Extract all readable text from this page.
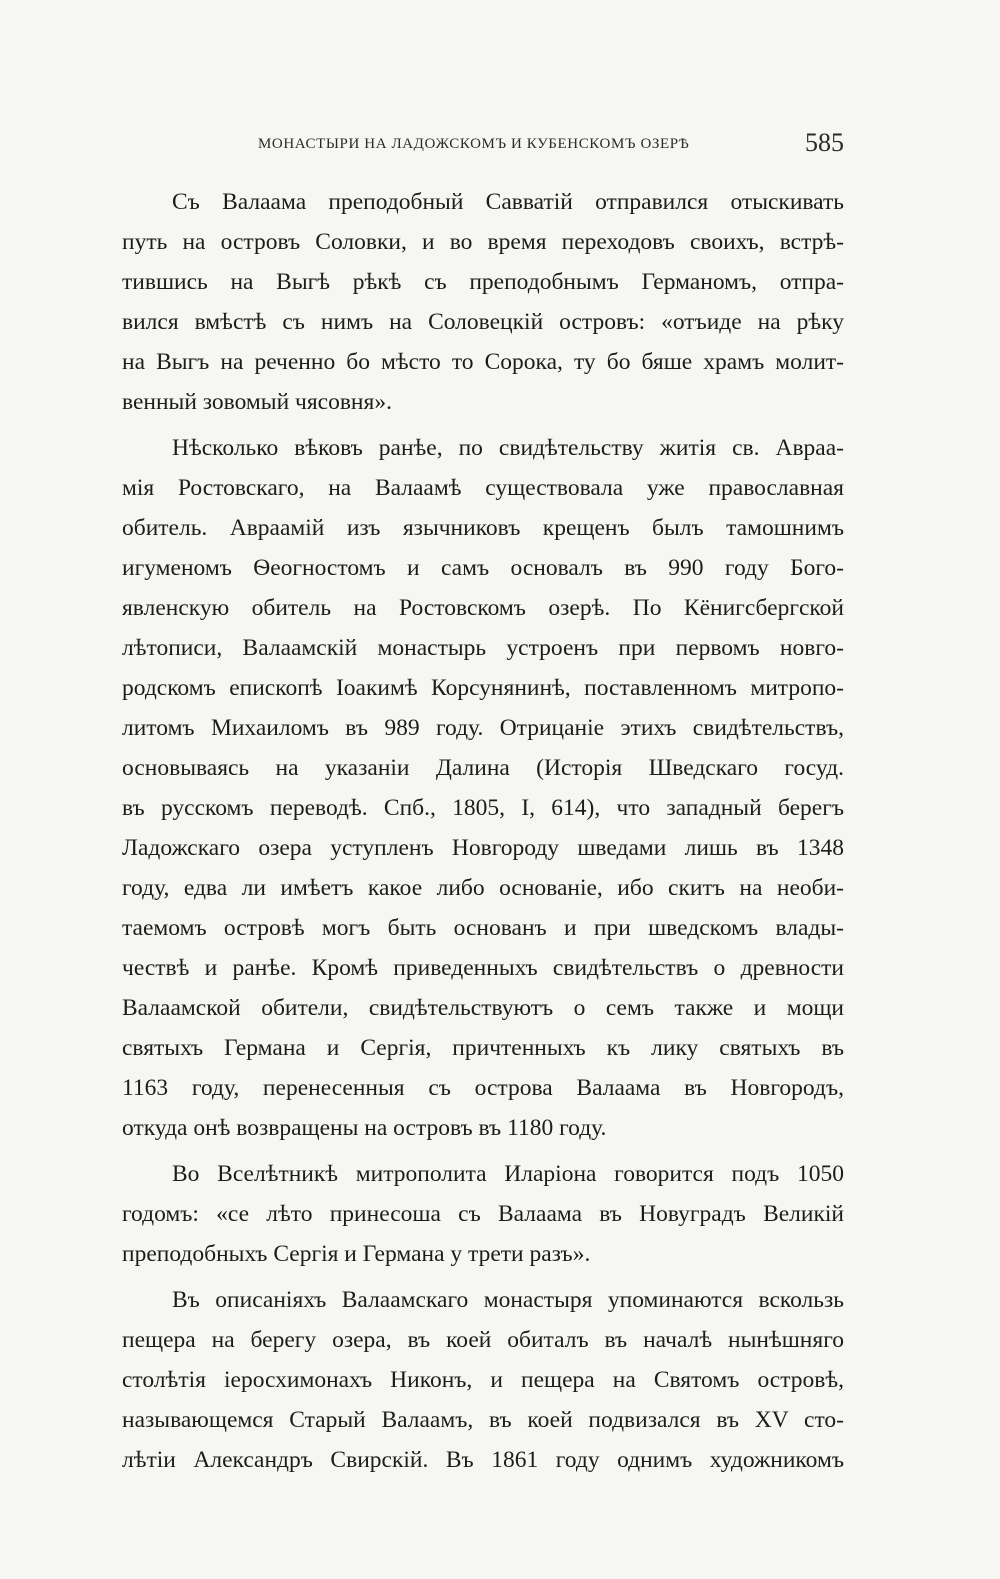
МОНАСТЫРИ НА ЛАДОЖСКОМЪ И КУБЕНСКОМЪ ОЗЕРѢ	585
Съ Валаама преподобный Савватій отправился отыскивать
путь на островъ Соловки, и во время переходовъ своихъ, встрѣ-
тившись на Выгѣ рѣкѣ съ преподобнымъ Германомъ, отпра-
вился вмѣстѣ съ нимъ на Соловецкій островъ: «отъиде на рѣку
на Выгъ на реченно бо мѣсто то Сорока, ту бо бяше храмъ молит-
венный зовомый чясовня».
Нѣсколько вѣковъ ранѣе, по свидѣтельству житія св. Авраа-
мія Ростовскаго, на Валаамѣ существовала уже православная
обитель. Авраамій изъ язычниковъ крещенъ былъ тамошнимъ
игуменомъ Ѳеогностомъ и самъ основалъ въ 990 году Бого-
явленскую обитель на Ростовскомъ озерѣ. По Кёнигсбергской
лѣтописи, Валаамскій монастырь устроенъ при первомъ новго-
родскомъ епископѣ Іоакимѣ Корсунянинѣ, поставленномъ митропо-
литомъ Михаиломъ въ 989 году. Отрицаніе этихъ свидѣтельствъ,
основываясь на указаніи Далина (Исторія Шведскаго госуд.
въ русскомъ переводѣ. Спб., 1805, I, 614), что западный берегъ
Ладожскаго озера уступленъ Новгороду шведами лишь въ 1348
году, едва ли имѣетъ какое либо основаніе, ибо скитъ на необи-
таемомъ островѣ могъ быть основанъ и при шведскомъ влады-
чествѣ и ранѣе. Кромѣ приведенныхъ свидѣтельствъ о древности
Валаамской обители, свидѣтельствуютъ о семъ также и мощи
святыхъ Германа и Сергія, причтенныхъ къ лику святыхъ въ
1163 году, перенесенныя съ острова Валаама въ Новгородъ,
откуда онѣ возвращены на островъ въ 1180 году.
Во Вселѣтникѣ митрополита Иларіона говорится подъ 1050
годомъ: «се лѣто принесоша съ Валаама въ Новуградъ Великій
преподобныхъ Сергія и Германа у трети разъ».
Въ описаніяхъ Валаамскаго монастыря упоминаются вскользь
пещера на берегу озера, въ коей обиталъ въ началѣ нынѣшняго
столѣтія іеросхимонахъ Никонъ, и пещера на Святомъ островѣ,
называющемся Старый Валаамъ, въ коей подвизался въ XV сто-
лѣтіи Александръ Свирскій. Въ 1861 году однимъ художникомъ
